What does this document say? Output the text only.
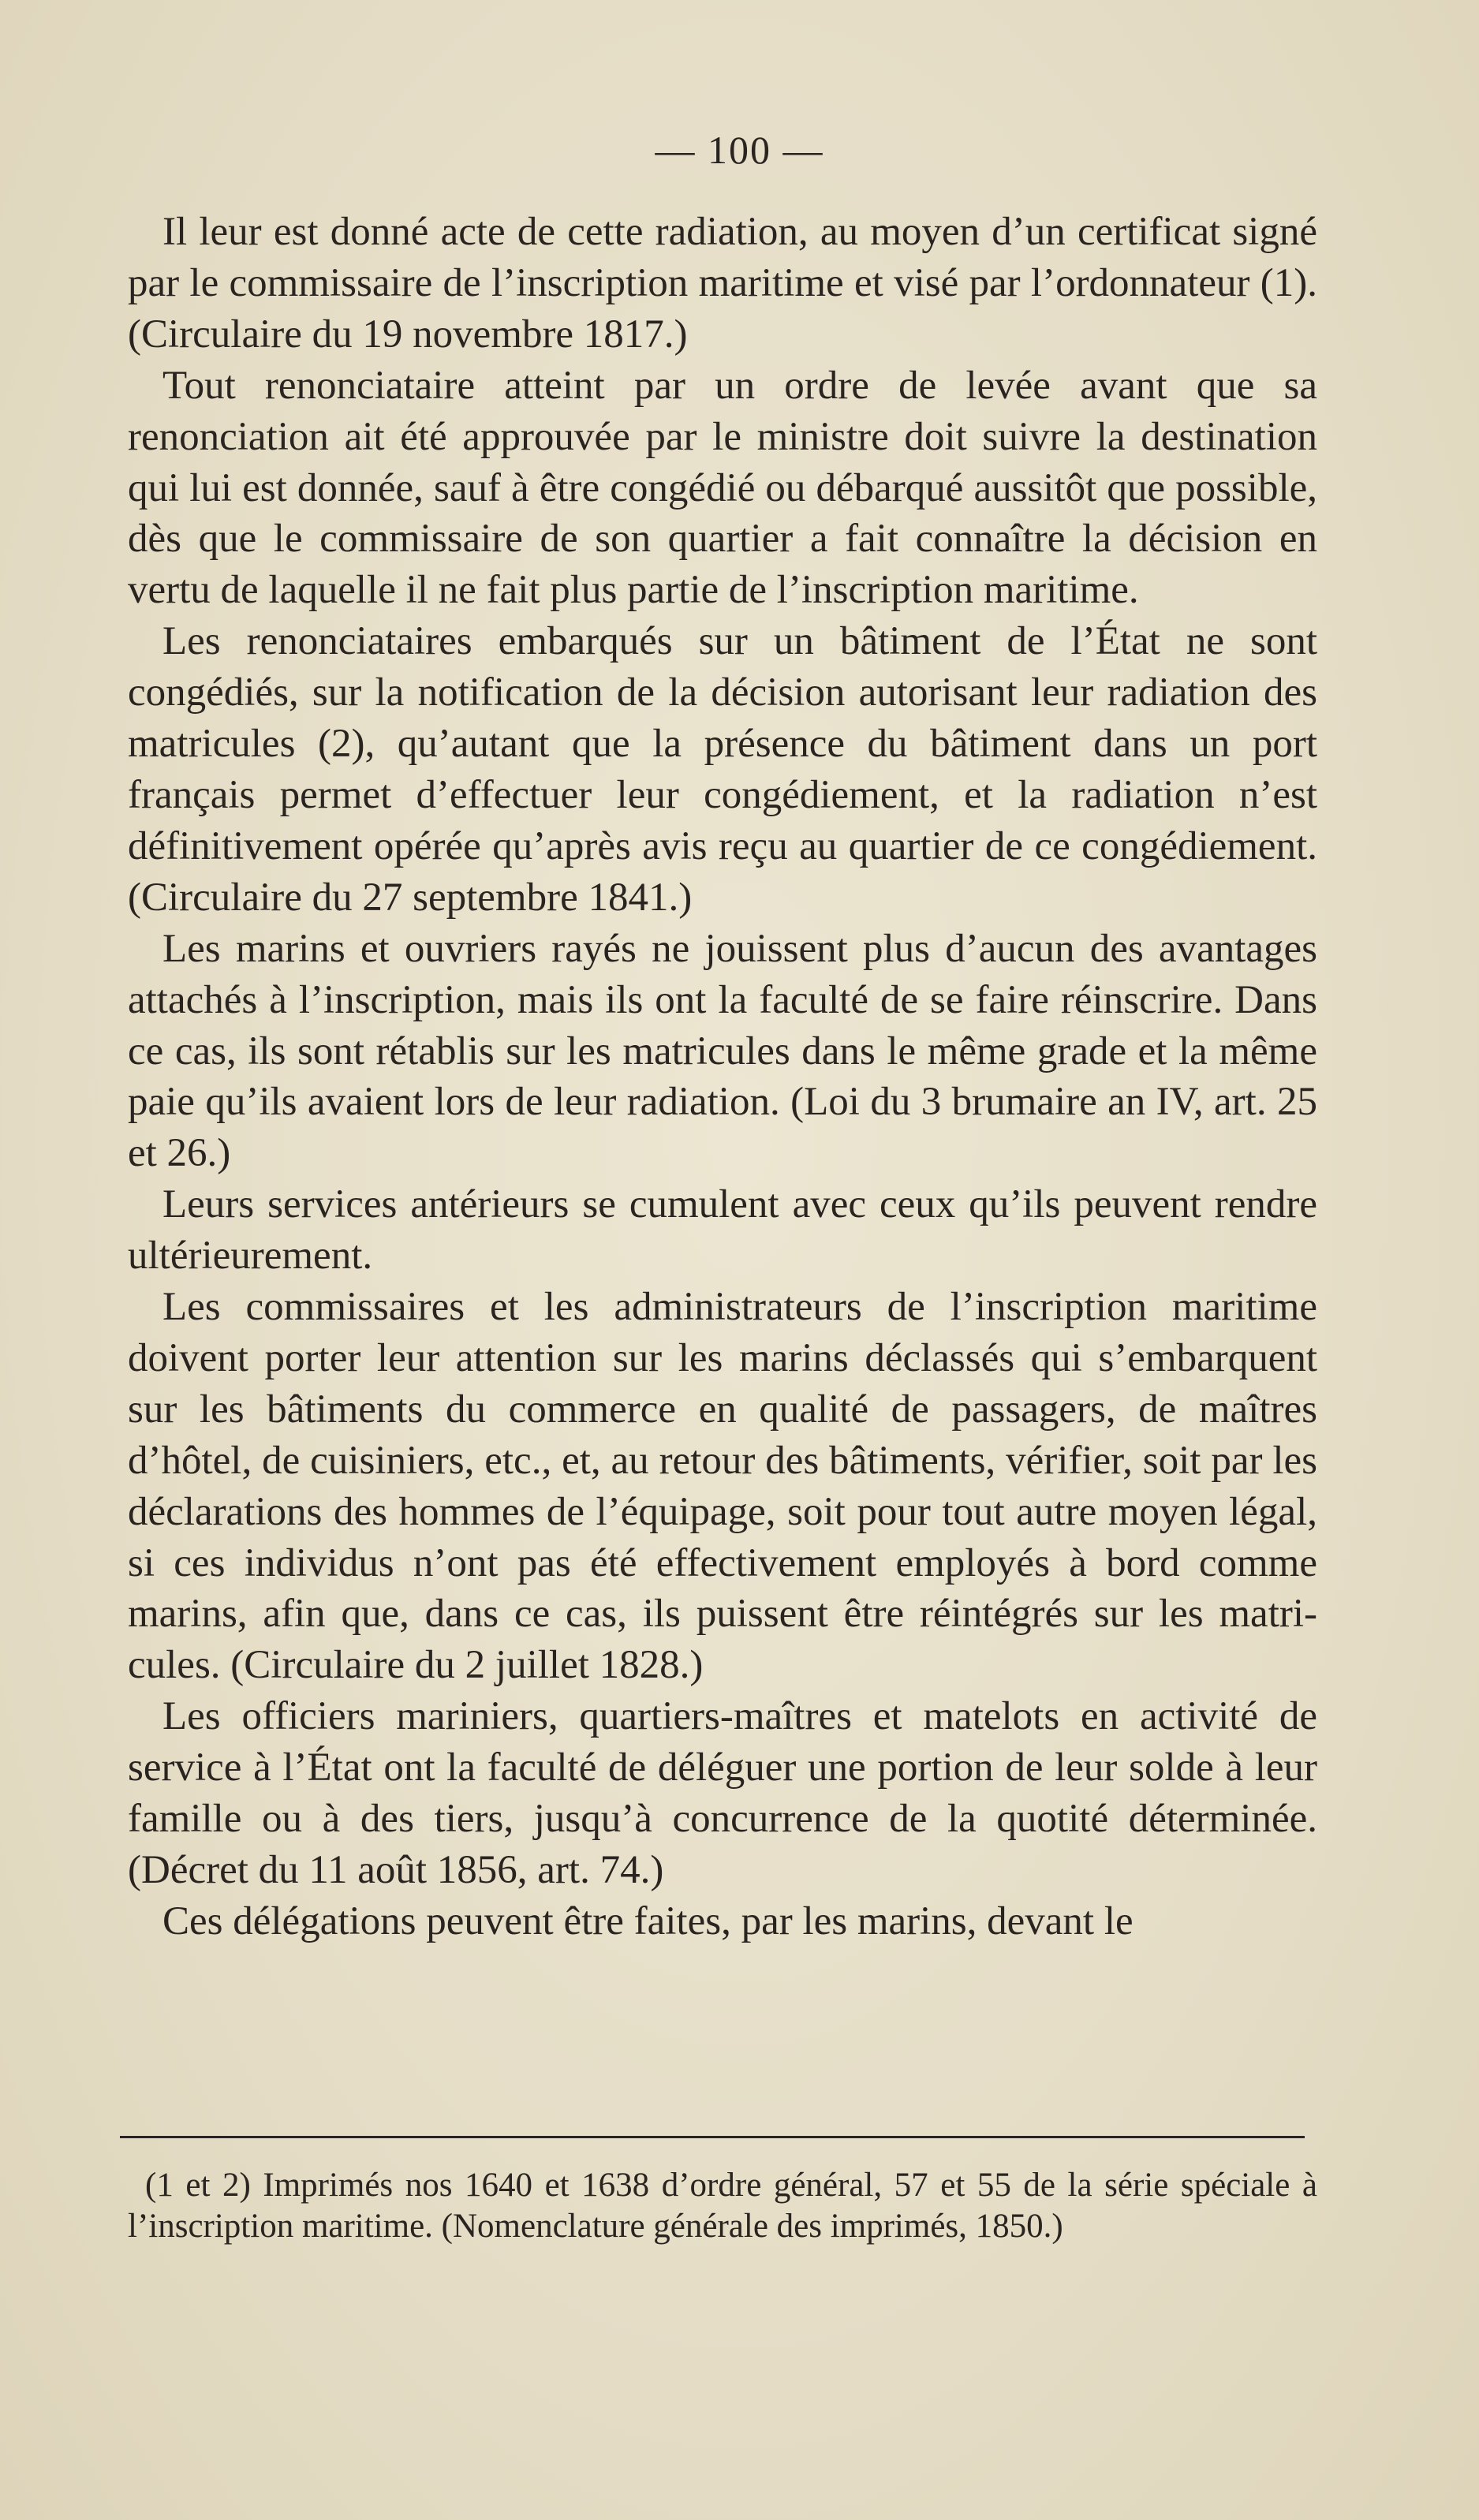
— 100 —

Il leur est donné acte de cette radiation, au moyen d’un certificat signé par le commissaire de l’inscription maritime et visé par l’ordonnateur (1). (Circulaire du 19 novembre 1817.)

Tout renonciataire atteint par un ordre de levée avant que sa renonciation ait été approuvée par le ministre doit suivre la destination qui lui est donnée, sauf à être congédié ou débarqué aussitôt que possible, dès que le commissaire de son quartier a fait connaître la décision en vertu de laquelle il ne fait plus partie de l’inscription maritime.

Les renonciataires embarqués sur un bâtiment de l’État ne sont congédiés, sur la notification de la décision autorisant leur radiation des matricules (2), qu’autant que la présence du bâtiment dans un port français permet d’effectuer leur congédiement, et la radiation n’est définitivement opérée qu’après avis reçu au quartier de ce congédiement. (Circulaire du 27 septembre 1841.)

Les marins et ouvriers rayés ne jouissent plus d’aucun des avantages attachés à l’inscription, mais ils ont la faculté de se faire réinscrire. Dans ce cas, ils sont rétablis sur les matricules dans le même grade et la même paie qu’ils avaient lors de leur radiation. (Loi du 3 brumaire an IV, art. 25 et 26.)

Leurs services antérieurs se cumulent avec ceux qu’ils peuvent rendre ultérieurement.

Les commissaires et les administrateurs de l’inscription maritime doivent porter leur attention sur les marins déclassés qui s’embarquent sur les bâtiments du commerce en qualité de passagers, de maîtres d’hôtel, de cuisiniers, etc., et, au retour des bâtiments, vérifier, soit par les déclarations des hommes de l’équipage, soit pour tout autre moyen légal, si ces individus n’ont pas été effectivement employés à bord comme marins, afin que, dans ce cas, ils puissent être réintégrés sur les matricules. (Circulaire du 2 juillet 1828.)

Les officiers mariniers, quartiers-maîtres et matelots en activité de service à l’État ont la faculté de déléguer une portion de leur solde à leur famille ou à des tiers, jusqu’à concurrence de la quotité déterminée. (Décret du 11 août 1856, art. 74.)

Ces délégations peuvent être faites, par les marins, devant le

(1 et 2) Imprimés nos 1640 et 1638 d’ordre général, 57 et 55 de la série spéciale à l’inscription maritime. (Nomenclature générale des imprimés, 1850.)
